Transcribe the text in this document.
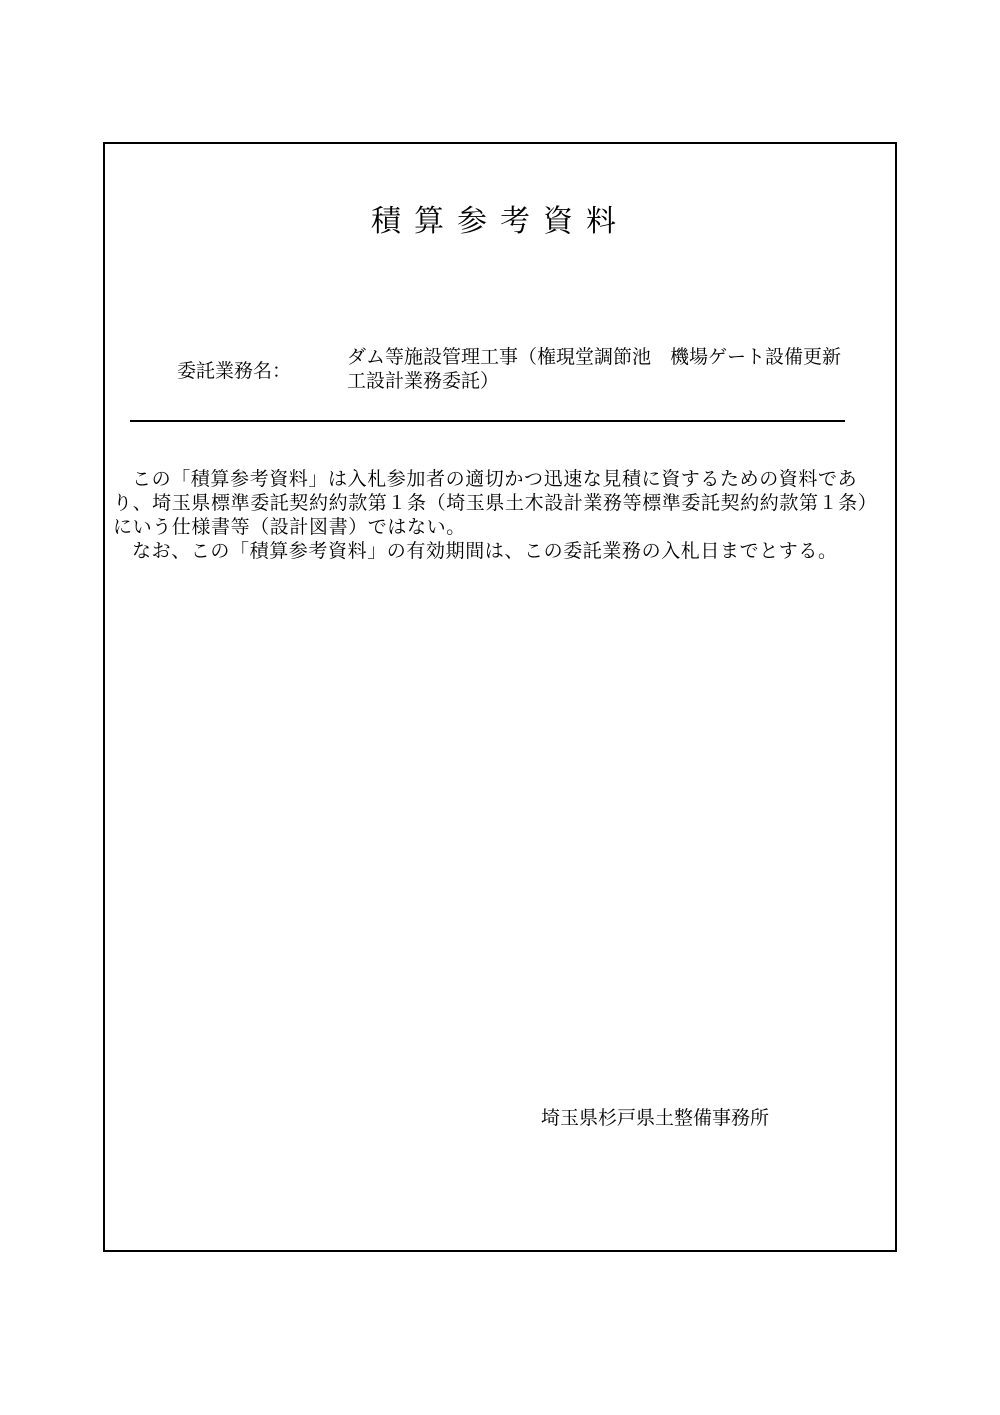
積算参考資料
委託業務名：
ダム等施設管理工事（権現堂調節池　機場ゲート設備更新工設計業務委託）

この「積算参考資料」は入札参加者の適切かつ迅速な見積に資するための資料であり、埼玉県標準委託契約約款第１条（埼玉県土木設計業務等標準委託契約約款第１条）にいう仕様書等（設計図書）ではない。

なお、この「積算参考資料」の有効期間は、この委託業務の入札日までとする。

埼玉県杉戸県土整備事務所
